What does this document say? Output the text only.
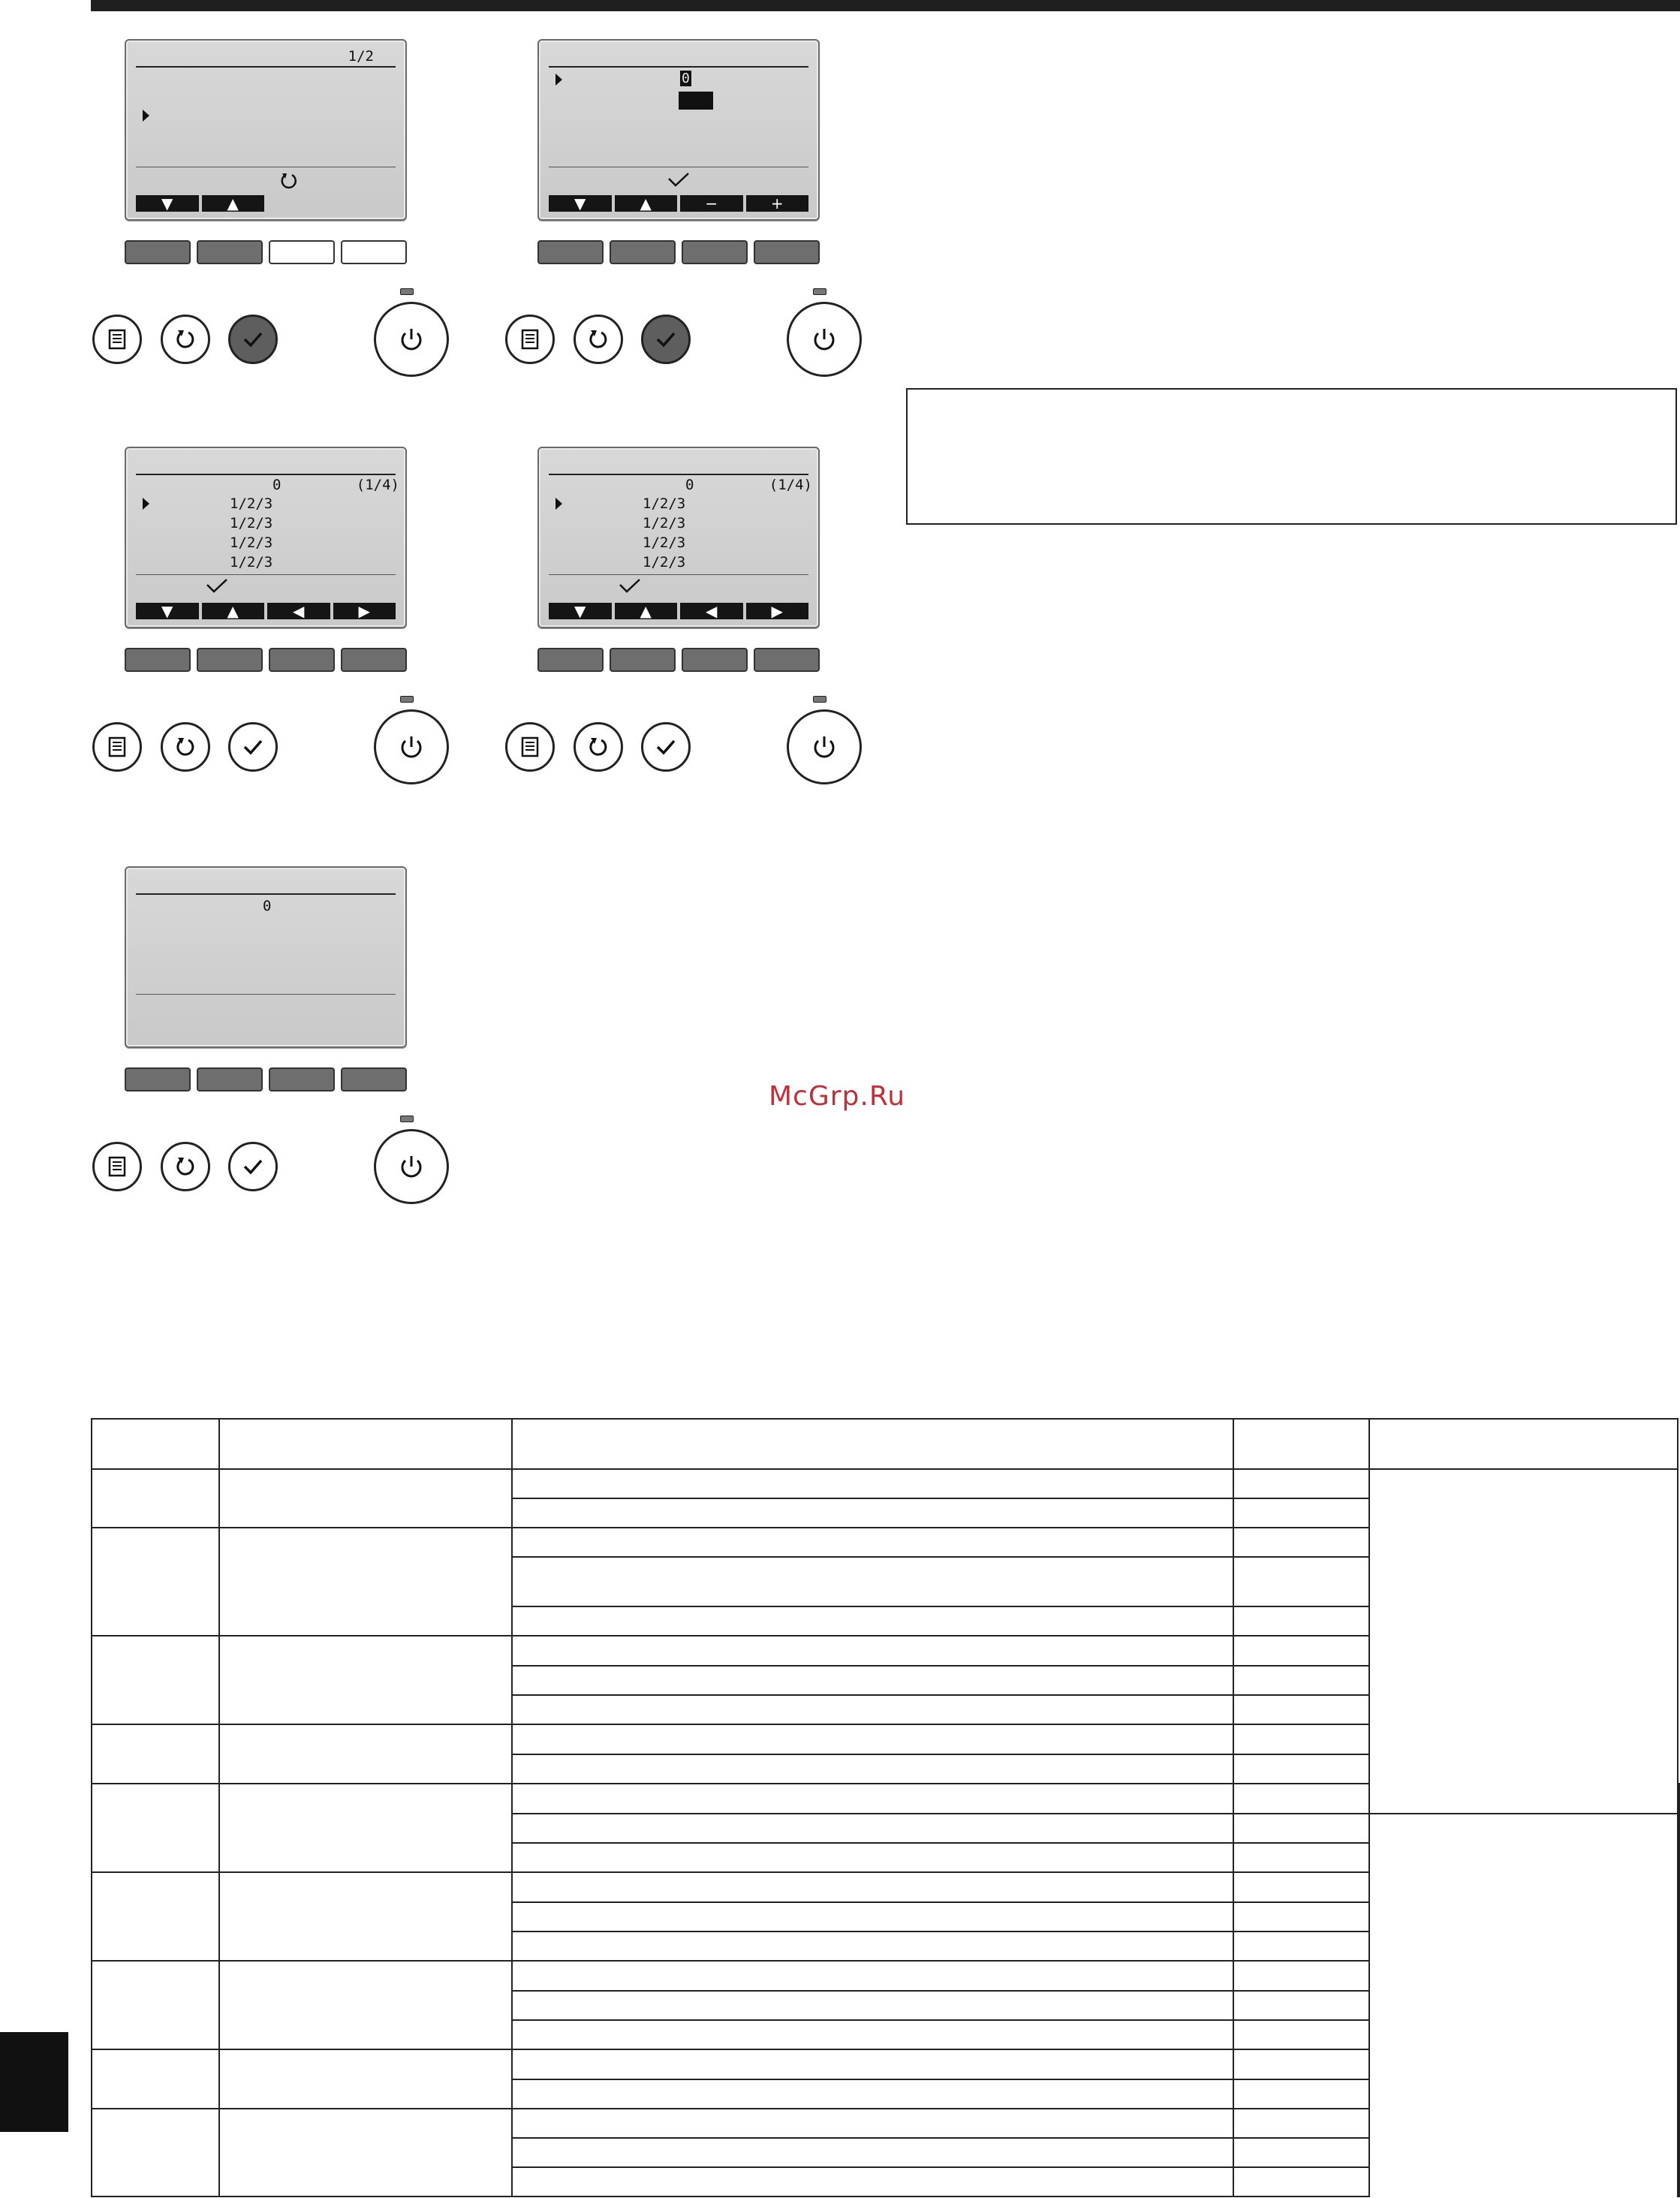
1/2
▼	▲
0
▼	▲	−	+
0	(1/4)
1/2/3
1/2/3
1/2/3
1/2/3
▼	▲	◀	▶
0	(1/4)
1/2/3
1/2/3
1/2/3
1/2/3
▼	▲	◀	▶
0
McGrp.Ru
